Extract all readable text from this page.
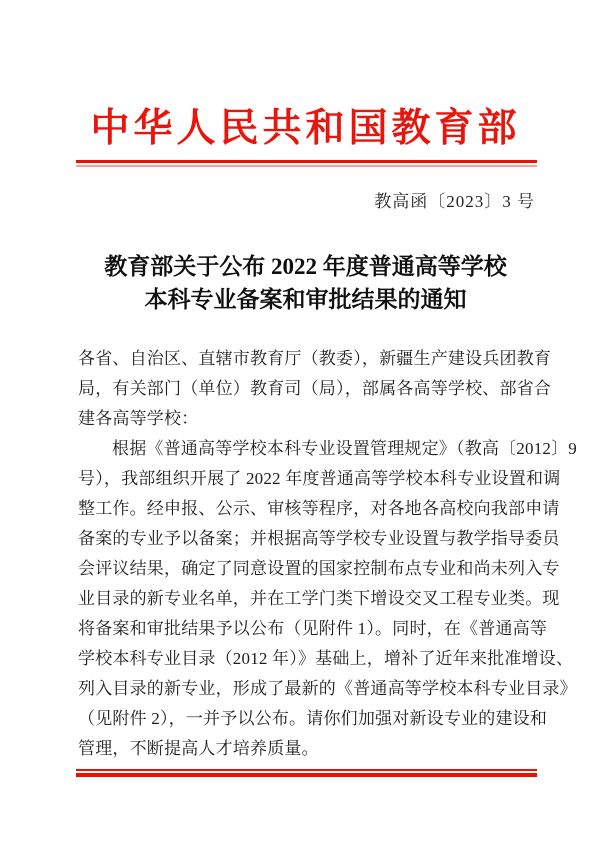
中华人民共和国教育部
教高函〔2023〕3 号
教育部关于公布 2022 年度普通高等学校
本科专业备案和审批结果的通知
各省、自治区、直辖市教育厅（教委），新疆生产建设兵团教育
局，有关部门（单位）教育司（局），部属各高等学校、部省合
建各高等学校：
根据《普通高等学校本科专业设置管理规定》（教高〔2012〕9
号），我部组织开展了 2022 年度普通高等学校本科专业设置和调
整工作。经申报、公示、审核等程序，对各地各高校向我部申请
备案的专业予以备案；并根据高等学校专业设置与教学指导委员
会评议结果，确定了同意设置的国家控制布点专业和尚未列入专
业目录的新专业名单，并在工学门类下增设交叉工程专业类。现
将备案和审批结果予以公布（见附件 1）。同时，在《普通高等
学校本科专业目录（2012 年）》基础上，增补了近年来批准增设、
列入目录的新专业，形成了最新的《普通高等学校本科专业目录》
（见附件 2），一并予以公布。请你们加强对新设专业的建设和
管理，不断提高人才培养质量。
